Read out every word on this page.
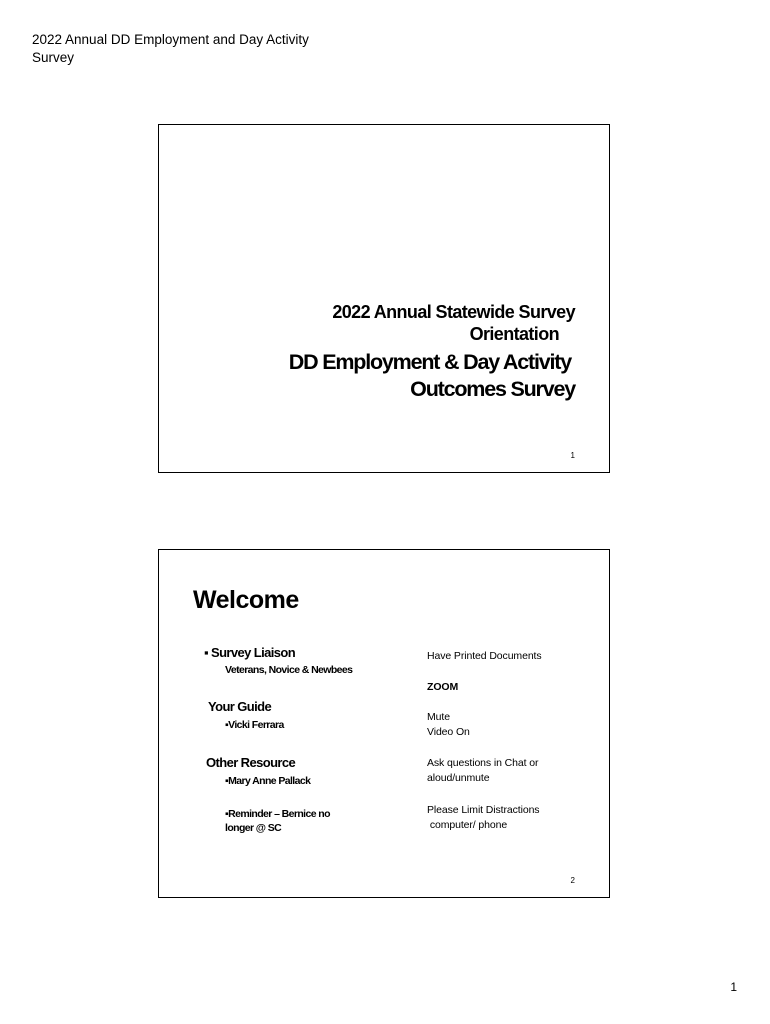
2022 Annual DD Employment and Day Activity
Survey
2022 Annual Statewide Survey
Orientation
DD Employment & Day Activity
Outcomes Survey
1
Welcome
▪ Survey Liaison
Veterans, Novice & Newbees
Your Guide
▪Vicki Ferrara
Other Resource
▪Mary Anne Pallack
▪Reminder – Bernice no
longer @ SC
Have Printed Documents
ZOOM
Mute
Video On
Ask questions in Chat or
aloud/unmute
Please Limit Distractions
computer/ phone
2
1
